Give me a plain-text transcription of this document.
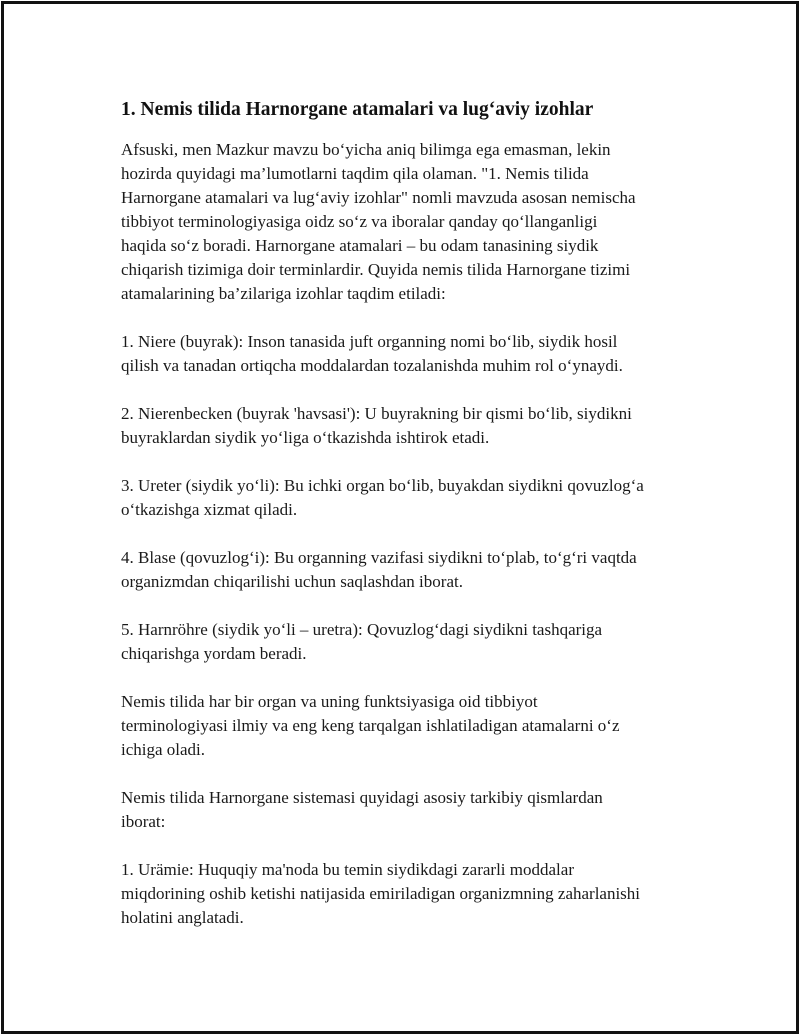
1. Nemis tilida Harnorgane atamalari va lug‘aviy izohlar

Afsuski, men Mazkur mavzu bo‘yicha aniq bilimga ega emasman, lekin
hozirda quyidagi ma’lumotlarni taqdim qila olaman. "1. Nemis tilida
Harnorgane atamalari va lug‘aviy izohlar" nomli mavzuda asosan nemischa
tibbiyot terminologiyasiga oidz so‘z va iboralar qanday qo‘llanganligi
haqida so‘z boradi. Harnorgane atamalari – bu odam tanasining siydik
chiqarish tizimiga doir terminlardir. Quyida nemis tilida Harnorgane tizimi
atamalarining ba’zilariga izohlar taqdim etiladi:

1. Niere (buyrak): Inson tanasida juft organning nomi bo‘lib, siydik hosil
qilish va tanadan ortiqcha moddalardan tozalanishda muhim rol o‘ynaydi.

2. Nierenbecken (buyrak 'havsasi'): U buyrakning bir qismi bo‘lib, siydikni
buyraklardan siydik yo‘liga o‘tkazishda ishtirok etadi.

3. Ureter (siydik yo‘li): Bu ichki organ bo‘lib, buyakdan siydikni qovuzlog‘a
o‘tkazishga xizmat qiladi.

4. Blase (qovuzlog‘i): Bu organning vazifasi siydikni to‘plab, to‘g‘ri vaqtda
organizmdan chiqarilishi uchun saqlashdan iborat.

5. Harnröhre (siydik yo‘li – uretra): Qovuzlog‘dagi siydikni tashqariga
chiqarishga yordam beradi.

Nemis tilida har bir organ va uning funktsiyasiga oid tibbiyot
terminologiyasi ilmiy va eng keng tarqalgan ishlatiladigan atamalarni o‘z
ichiga oladi.

Nemis tilida Harnorgane sistemasi quyidagi asosiy tarkibiy qismlardan
iborat:

1. Urämie: Huquqiy ma'noda bu temin siydikdagi zararli moddalar
miqdorining oshib ketishi natijasida emiriladigan organizmning zaharlanishi
holatini anglatadi.
